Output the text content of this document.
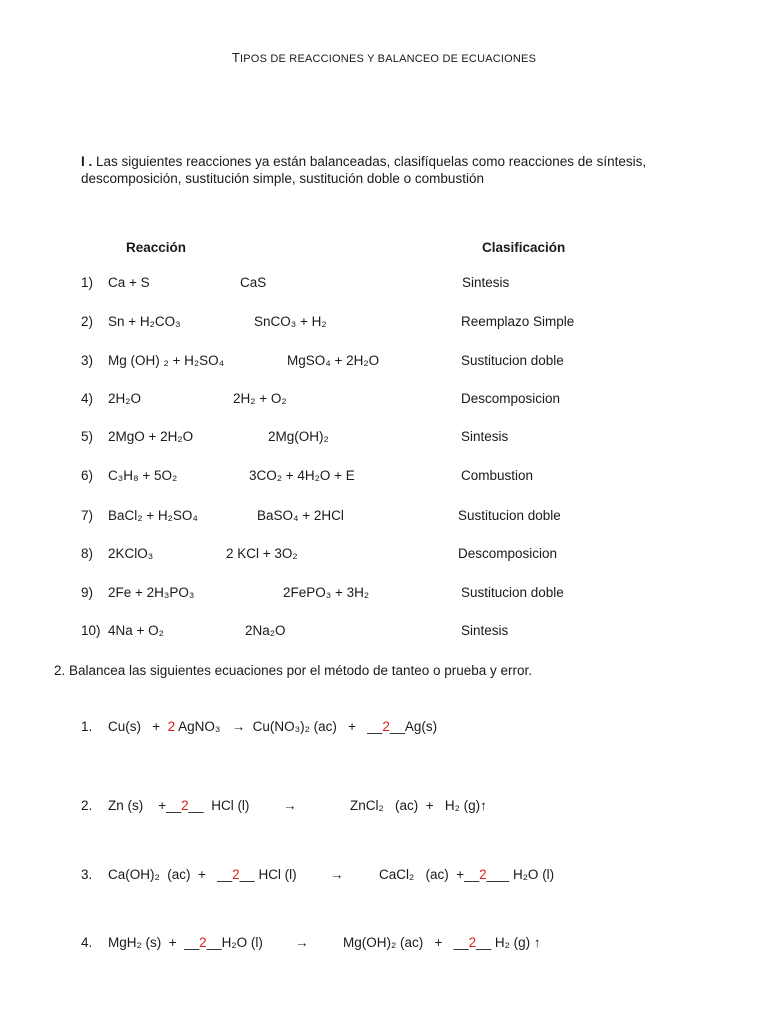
TIPOS DE REACCIONES Y BALANCEO DE ECUACIONES
I . Las siguientes reacciones ya están balanceadas, clasifíquelas como reacciones de síntesis,
descomposición, sustitución simple, sustitución doble o combustión
Reacción	Clasificación
1) Ca + S	CaS	Sintesis
2) Sn + H₂CO₃	SnCO₃ + H₂	Reemplazo Simple
3) Mg (OH) ₂ + H₂SO₄	MgSO₄ + 2H₂O	Sustitucion doble
4) 2H₂O	2H₂ + O₂	Descomposicion
5) 2MgO + 2H₂O	2Mg(OH)₂	Sintesis
6) C₃H₈ + 5O₂	3CO₂ + 4H₂O + E	Combustion
7) BaCl₂ + H₂SO₄	BaSO₄ + 2HCl	Sustitucion doble
8) 2KClO₃	2 KCl + 3O₂	Descomposicion
9) 2Fe + 2H₃PO₃	2FePO₃ + 3H₂	Sustitucion doble
10) 4Na + O₂	2Na₂O	Sintesis
2. Balancea las siguientes ecuaciones por el método de tanteo o prueba y error.
1. Cu(s)   +  2 AgNO₃   →  Cu(NO₃)₂ (ac)   +   __2__Ag(s)
2. Zn (s)    +__2__  HCl (l) →	ZnCl₂   (ac)  +   H₂ (g)↑
3. Ca(OH)₂  (ac)  +   __2__ HCl (l) →	CaCl₂   (ac)  +__2___ H₂O (l)
4. MgH₂ (s)  +  __2__H₂O (l) →	Mg(OH)₂ (ac)   +   __2__ H₂ (g) ↑
